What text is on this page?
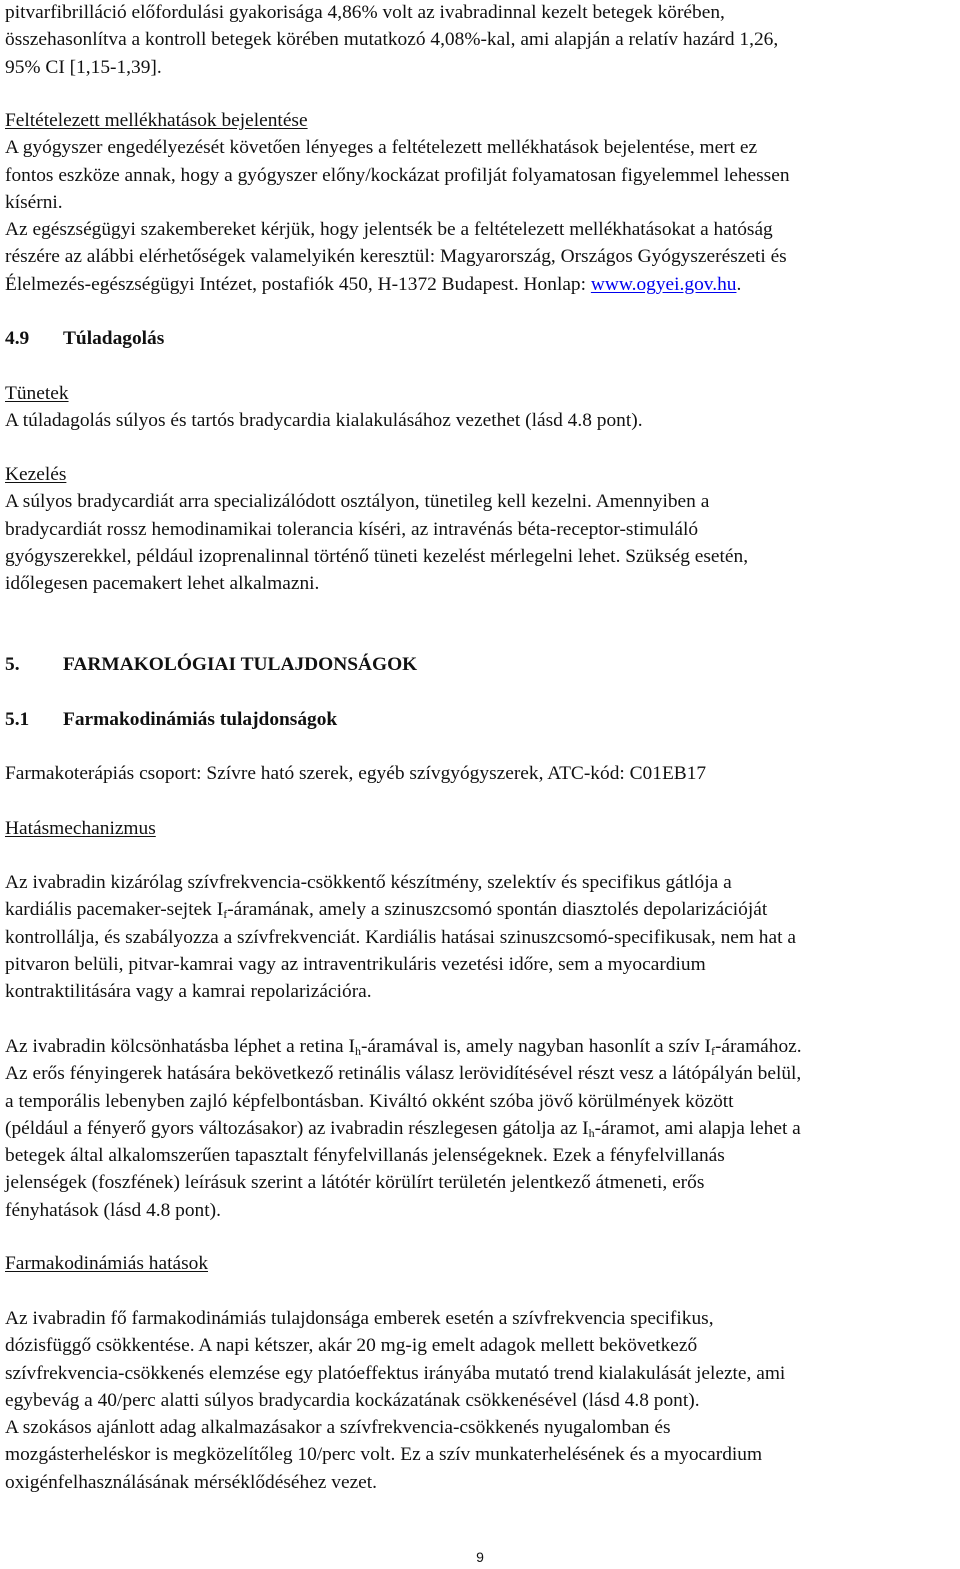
pitvarfibrilláció előfordulási gyakorisága 4,86% volt az ivabradinnal kezelt betegek körében,
összehasonlítva a kontroll betegek körében mutatkozó 4,08%-kal, ami alapján a relatív hazárd 1,26,
95% CI [1,15-1,39].
Feltételezett mellékhatások bejelentése
A gyógyszer engedélyezését követően lényeges a feltételezett mellékhatások bejelentése, mert ez
fontos eszköze annak, hogy a gyógyszer előny/kockázat profilját folyamatosan figyelemmel lehessen
kísérni.
Az egészségügyi szakembereket kérjük, hogy jelentsék be a feltételezett mellékhatásokat a hatóság
részére az alábbi elérhetőségek valamelyikén keresztül: Magyarország, Országos Gyógyszerészeti és
Élelmezés-egészségügyi Intézet, postafiók 450, H-1372 Budapest. Honlap: www.ogyei.gov.hu.
4.9 Túladagolás
Tünetek
A túladagolás súlyos és tartós bradycardia kialakulásához vezethet (lásd 4.8 pont).
Kezelés
A súlyos bradycardiát arra specializálódott osztályon, tünetileg kell kezelni. Amennyiben a
bradycardiát rossz hemodinamikai tolerancia kíséri, az intravénás béta-receptor-stimuláló
gyógyszerekkel, például izoprenalinnal történő tüneti kezelést mérlegelni lehet. Szükség esetén,
időlegesen pacemakert lehet alkalmazni.
5. FARMAKOLÓGIAI TULAJDONSÁGOK
5.1 Farmakodinámiás tulajdonságok
Farmakoterápiás csoport: Szívre ható szerek, egyéb szívgyógyszerek, ATC-kód: C01EB17
Hatásmechanizmus
Az ivabradin kizárólag szívfrekvencia-csökkentő készítmény, szelektív és specifikus gátlója a
kardiális pacemaker-sejtek $I_f$-áramának, amely a szinuszcsomó spontán diasztolés depolarizációját
kontrollálja, és szabályozza a szívfrekvenciát. Kardiális hatásai szinuszcsomó-specifikusak, nem hat a
pitvaron belüli, pitvar-kamrai vagy az intraventrikuláris vezetési időre, sem a myocardium
kontraktilitására vagy a kamrai repolarizációra.
Az ivabradin kölcsönhatásba léphet a retina $I_h$-áramával is, amely nagyban hasonlít a szív $I_f$-áramához.
Az erős fényingerek hatására bekövetkező retinális válasz lerövidítésével részt vesz a látópályán belül,
a temporális lebenyben zajló képfelbontásban. Kiváltó okként szóba jövő körülmények között
(például a fényerő gyors változásakor) az ivabradin részlegesen gátolja az $I_h$-áramot, ami alapja lehet a
betegek által alkalomszerűen tapasztalt fényfelvillanás jelenségeknek. Ezek a fényfelvillanás
jelenségek (foszfének) leírásuk szerint a látótér körülírt területén jelentkező átmeneti, erős
fényhatások (lásd 4.8 pont).
Farmakodinámiás hatások
Az ivabradin fő farmakodinámiás tulajdonsága emberek esetén a szívfrekvencia specifikus,
dózisfüggő csökkentése. A napi kétszer, akár 20 mg-ig emelt adagok mellett bekövetkező
szívfrekvencia-csökkenés elemzése egy platóeffektus irányába mutató trend kialakulását jelezte, ami
egybevág a 40/perc alatti súlyos bradycardia kockázatának csökkenésével (lásd 4.8 pont).
A szokásos ajánlott adag alkalmazásakor a szívfrekvencia-csökkenés nyugalomban és
mozgásterheléskor is megközelítőleg 10/perc volt. Ez a szív munkaterhelésének és a myocardium
oxigénfelhasználásának mérséklődéséhez vezet.
9
